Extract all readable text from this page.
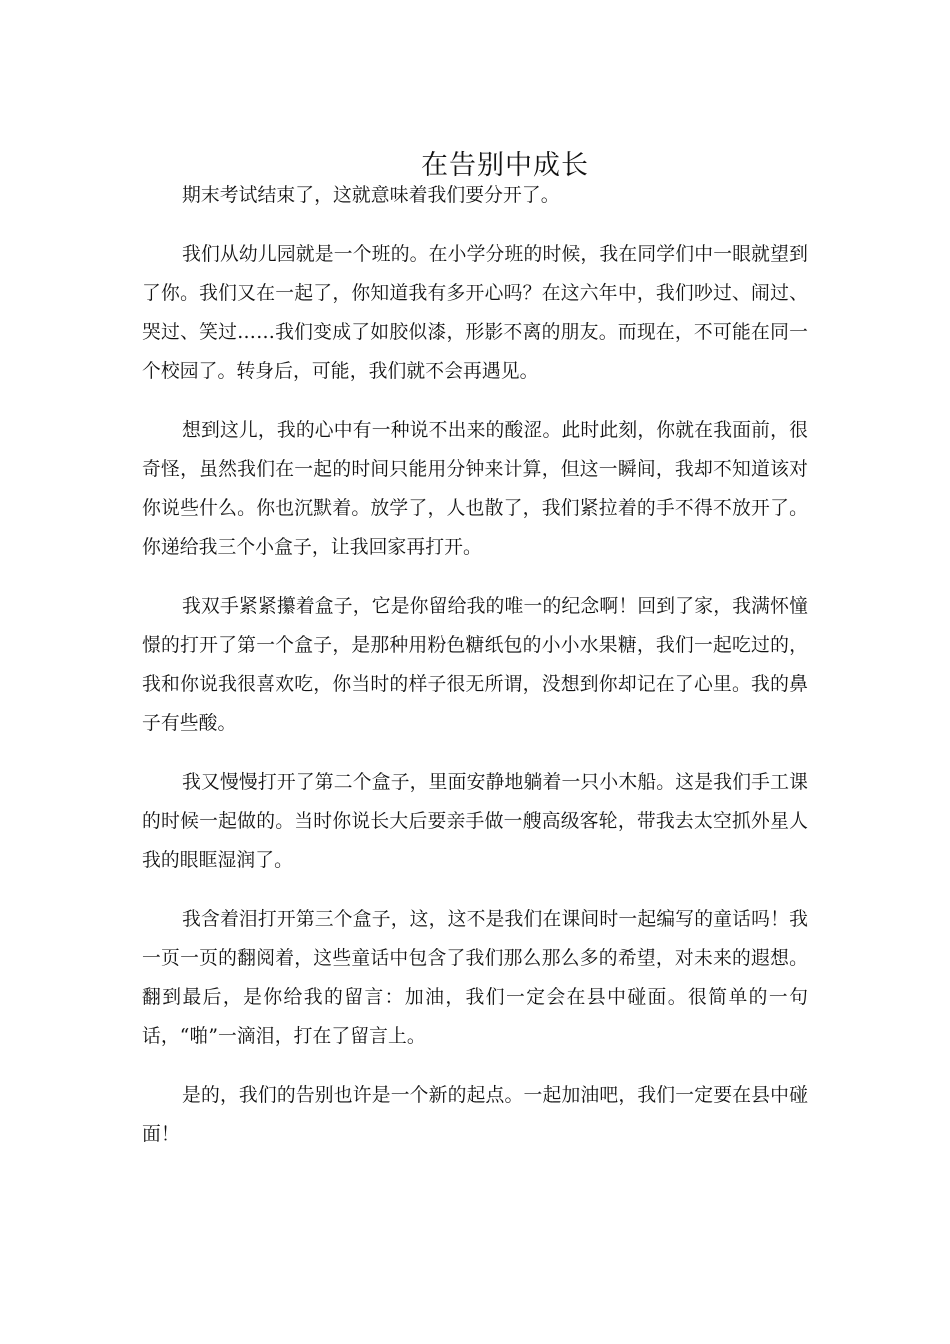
在告别中成长

期末考试结束了，这就意味着我们要分开了。

我们从幼儿园就是一个班的。在小学分班的时候，我在同学们中一眼就望到了你。我们又在一起了，你知道我有多开心吗？在这六年中，我们吵过、闹过、哭过、笑过……我们变成了如胶似漆，形影不离的朋友。而现在，不可能在同一个校园了。转身后，可能，我们就不会再遇见。

想到这儿，我的心中有一种说不出来的酸涩。此时此刻，你就在我面前，很奇怪，虽然我们在一起的时间只能用分钟来计算，但这一瞬间，我却不知道该对你说些什么。你也沉默着。放学了，人也散了，我们紧拉着的手不得不放开了。你递给我三个小盒子，让我回家再打开。

我双手紧紧攥着盒子，它是你留给我的唯一的纪念啊！回到了家，我满怀憧憬的打开了第一个盒子，是那种用粉色糖纸包的小小水果糖，我们一起吃过的，我和你说我很喜欢吃，你当时的样子很无所谓，没想到你却记在了心里。我的鼻子有些酸。

我又慢慢打开了第二个盒子，里面安静地躺着一只小木船。这是我们手工课的时候一起做的。当时你说长大后要亲手做一艘高级客轮，带我去太空抓外星人我的眼眶湿润了。

我含着泪打开第三个盒子，这，这不是我们在课间时一起编写的童话吗！我一页一页的翻阅着，这些童话中包含了我们那么那么多的希望，对未来的遐想。翻到最后，是你给我的留言：加油，我们一定会在县中碰面。很简单的一句话，“啪”一滴泪，打在了留言上。

是的，我们的告别也许是一个新的起点。一起加油吧，我们一定要在县中碰面！
